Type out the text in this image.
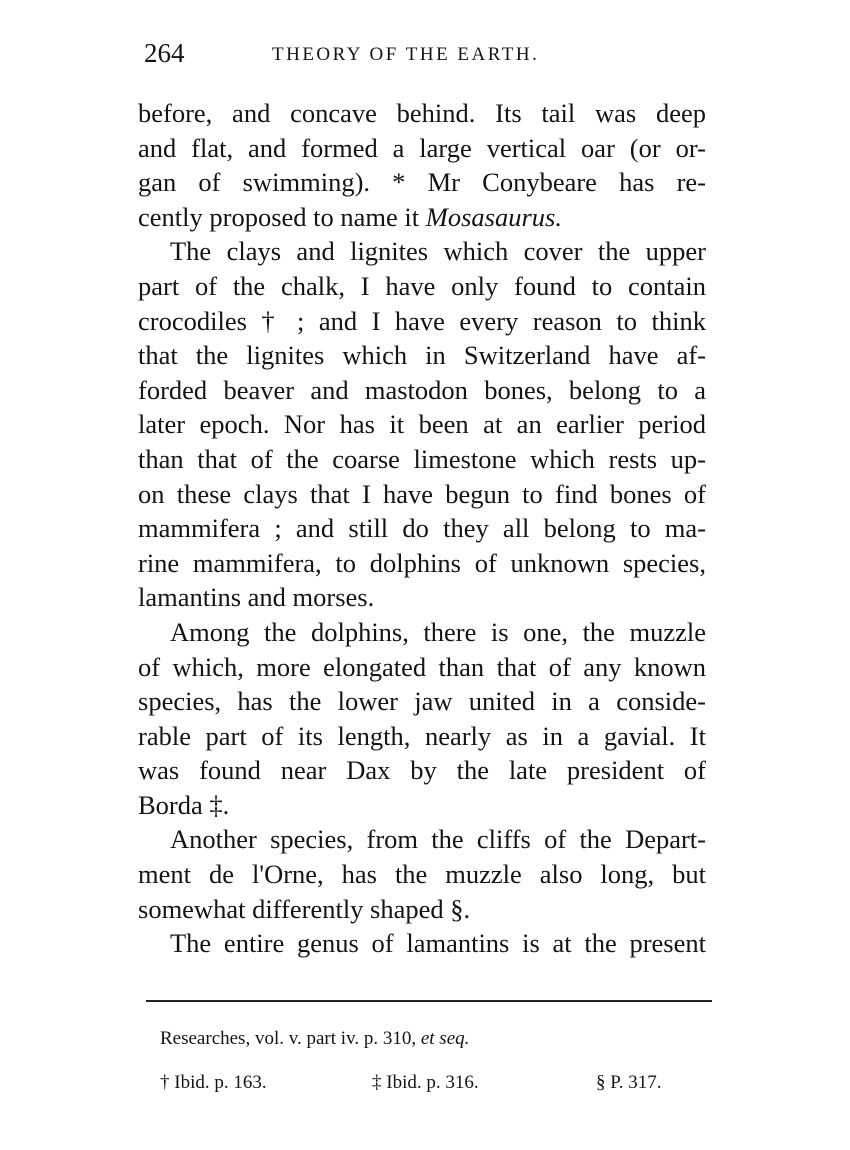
264	THEORY OF THE EARTH.
before, and concave behind. Its tail was deep
and flat, and formed a large vertical oar (or or-
gan of swimming). * Mr Conybeare has re-
cently proposed to name it Mosasaurus.
The clays and lignites which cover the upper
part of the chalk, I have only found to contain
crocodiles † ; and I have every reason to think
that the lignites which in Switzerland have af-
forded beaver and mastodon bones, belong to a
later epoch. Nor has it been at an earlier period
than that of the coarse limestone which rests up-
on these clays that I have begun to find bones of
mammifera ; and still do they all belong to ma-
rine mammifera, to dolphins of unknown species,
lamantins and morses.
Among the dolphins, there is one, the muzzle
of which, more elongated than that of any known
species, has the lower jaw united in a conside-
rable part of its length, nearly as in a gavial. It
was found near Dax by the late president of
Borda ‡.
Another species, from the cliffs of the Depart-
ment de l'Orne, has the muzzle also long, but
somewhat differently shaped §.
The entire genus of lamantins is at the present
Researches, vol. v. part iv. p. 310, et seq.
† Ibid. p. 163.	‡ Ibid. p. 316.	§ P. 317.
